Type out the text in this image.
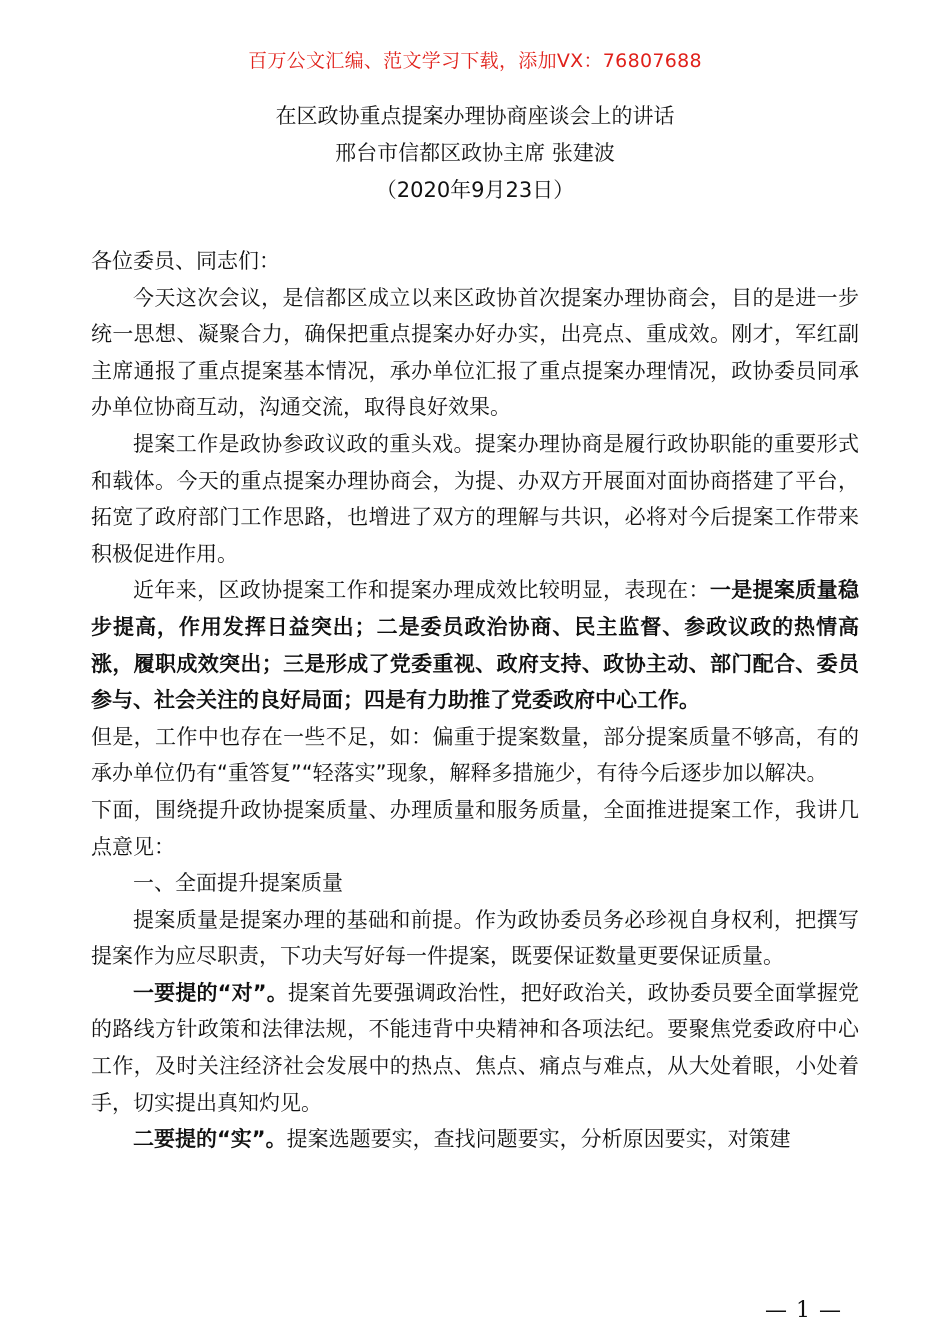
百万公文汇编、范文学习下载，添加VX：76807688
在区政协重点提案办理协商座谈会上的讲话
邢台市信都区政协主席 张建波
（2020年9月23日）

各位委员、同志们：

今天这次会议，是信都区成立以来区政协首次提案办理协商会，目的是进一步统一思想、凝聚合力，确保把重点提案办好办实，出亮点、重成效。刚才，军红副主席通报了重点提案基本情况，承办单位汇报了重点提案办理情况，政协委员同承办单位协商互动，沟通交流，取得良好效果。

提案工作是政协参政议政的重头戏。提案办理协商是履行政协职能的重要形式和载体。今天的重点提案办理协商会，为提、办双方开展面对面协商搭建了平台，拓宽了政府部门工作思路，也增进了双方的理解与共识，必将对今后提案工作带来积极促进作用。

近年来，区政协提案工作和提案办理成效比较明显，表现在：一是提案质量稳步提高，作用发挥日益突出；二是委员政治协商、民主监督、参政议政的热情高涨，履职成效突出；三是形成了党委重视、政府支持、政协主动、部门配合、委员参与、社会关注的良好局面；四是有力助推了党委政府中心工作。

但是，工作中也存在一些不足，如：偏重于提案数量，部分提案质量不够高，有的承办单位仍有“重答复”“轻落实”现象，解释多措施少，有待今后逐步加以解决。

下面，围绕提升政协提案质量、办理质量和服务质量，全面推进提案工作，我讲几点意见：

一、全面提升提案质量

提案质量是提案办理的基础和前提。作为政协委员务必珍视自身权利，把撰写提案作为应尽职责，下功夫写好每一件提案，既要保证数量更要保证质量。

一要提的“对”。提案首先要强调政治性，把好政治关，政协委员要全面掌握党的路线方针政策和法律法规，不能违背中央精神和各项法纪。要聚焦党委政府中心工作，及时关注经济社会发展中的热点、焦点、痛点与难点，从大处着眼，小处着手，切实提出真知灼见。

二要提的“实”。提案选题要实，查找问题要实，分析原因要实，对策建

— 1 —
